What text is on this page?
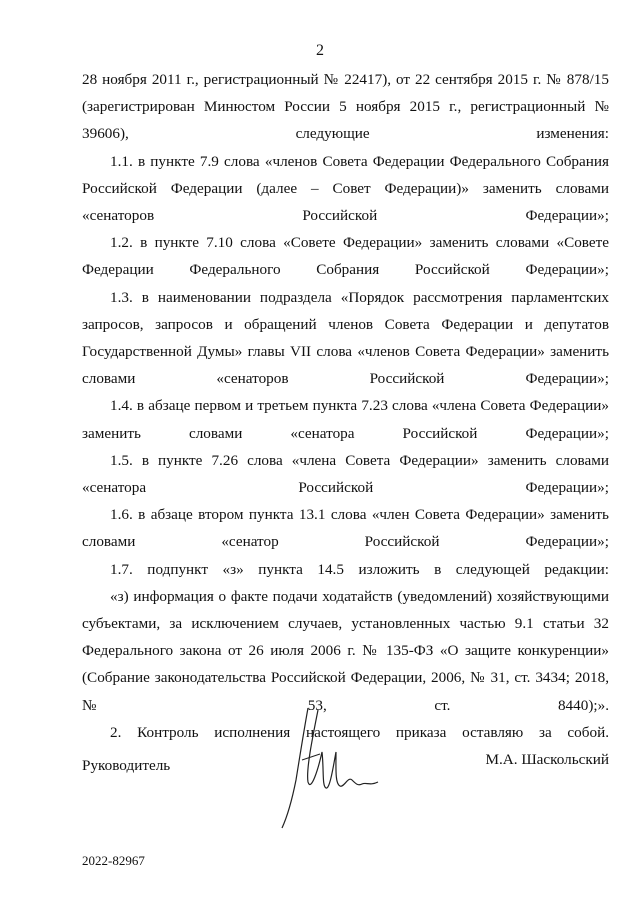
2

28 ноября 2011 г., регистрационный № 22417), от 22 сентября 2015 г. № 878/15 (зарегистрирован Минюстом России 5 ноября 2015 г., регистрационный № 39606), следующие изменения:

1.1. в пункте 7.9 слова «членов Совета Федерации Федерального Собрания Российской Федерации (далее – Совет Федерации)» заменить словами «сенаторов Российской Федерации»;

1.2. в пункте 7.10 слова «Совете Федерации» заменить словами «Совете Федерации Федерального Собрания Российской Федерации»;

1.3. в наименовании подраздела «Порядок рассмотрения парламентских запросов, запросов и обращений членов Совета Федерации и депутатов Государственной Думы» главы VII слова «членов Совета Федерации» заменить словами «сенаторов Российской Федерации»;

1.4. в абзаце первом и третьем пункта 7.23 слова «члена Совета Федерации» заменить словами «сенатора Российской Федерации»;

1.5. в пункте 7.26 слова «члена Совета Федерации» заменить словами «сенатора Российской Федерации»;

1.6. в абзаце втором пункта 13.1 слова «член Совета Федерации» заменить словами «сенатор Российской Федерации»;

1.7. подпункт «з» пункта 14.5 изложить в следующей редакции:

«з) информация о факте подачи ходатайств (уведомлений) хозяйствующими субъектами, за исключением случаев, установленных частью 9.1 статьи 32 Федерального закона от 26 июля 2006 г. № 135-ФЗ «О защите конкуренции» (Собрание законодательства Российской Федерации, 2006, № 31, ст. 3434; 2018, № 53, ст. 8440);».

2. Контроль исполнения настоящего приказа оставляю за собой.

Руководитель	М.А. Шаскольский
2022-82967
